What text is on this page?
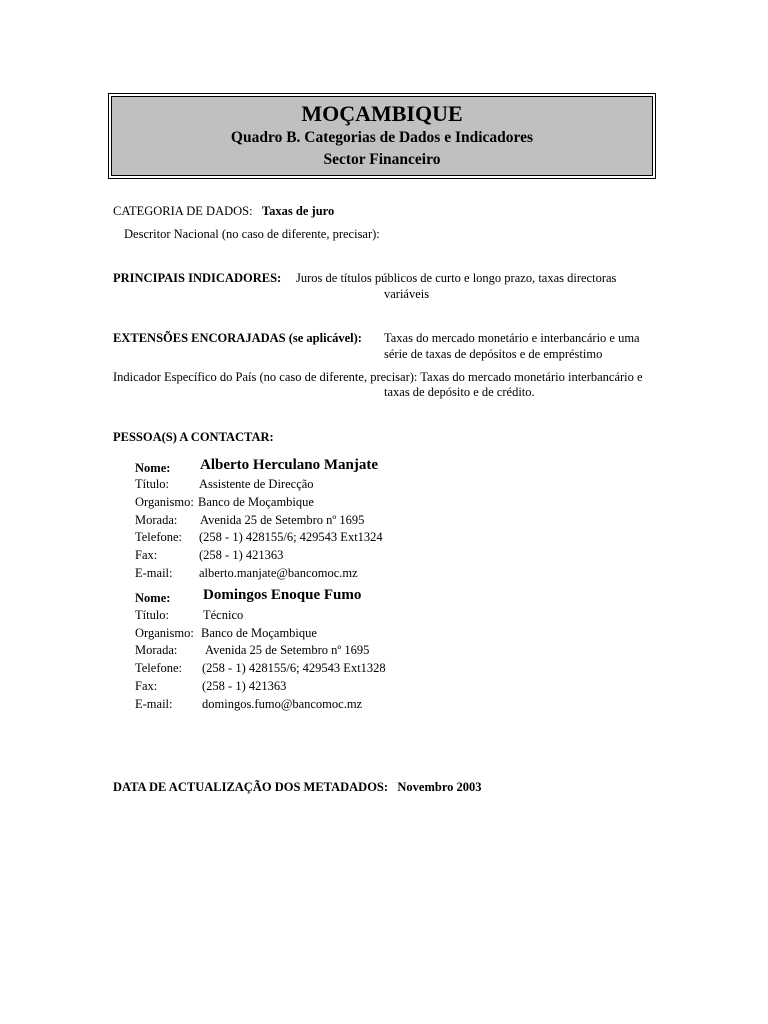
MOÇAMBIQUE
Quadro B. Categorias de Dados e Indicadores
Sector Financeiro
CATEGORIA DE DADOS: Taxas de juro
Descritor Nacional (no caso de diferente, precisar):
PRINCIPAIS INDICADORES: Juros de títulos públicos de curto e longo prazo, taxas directoras
variáveis
EXTENSÕES ENCORAJADAS (se aplicável): Taxas do mercado monetário e interbancário e uma
série de taxas de depósitos e de empréstimo
Indicador Específico do País (no caso de diferente, precisar): Taxas do mercado monetário interbancário e
taxas de depósito e de crédito.
PESSOA(S) A CONTACTAR:
Nome: Alberto Herculano Manjate
Título: Assistente de Direcção
Organismo: Banco de Moçambique
Morada: Avenida 25 de Setembro nº 1695
Telefone: (258 - 1) 428155/6; 429543 Ext1324
Fax:	(258 - 1) 421363
E-mail: alberto.manjate@bancomoc.mz
Nome: Domingos Enoque Fumo
Título:	Técnico
Organismo: Banco de Moçambique
Morada: Avenida 25 de Setembro nº 1695
Telefone: (258 - 1) 428155/6; 429543 Ext1328
Fax:	(258 - 1) 421363
E-mail: domingos.fumo@bancomoc.mz
DATA DE ACTUALIZAÇÃO DOS METADADOS: Novembro 2003
